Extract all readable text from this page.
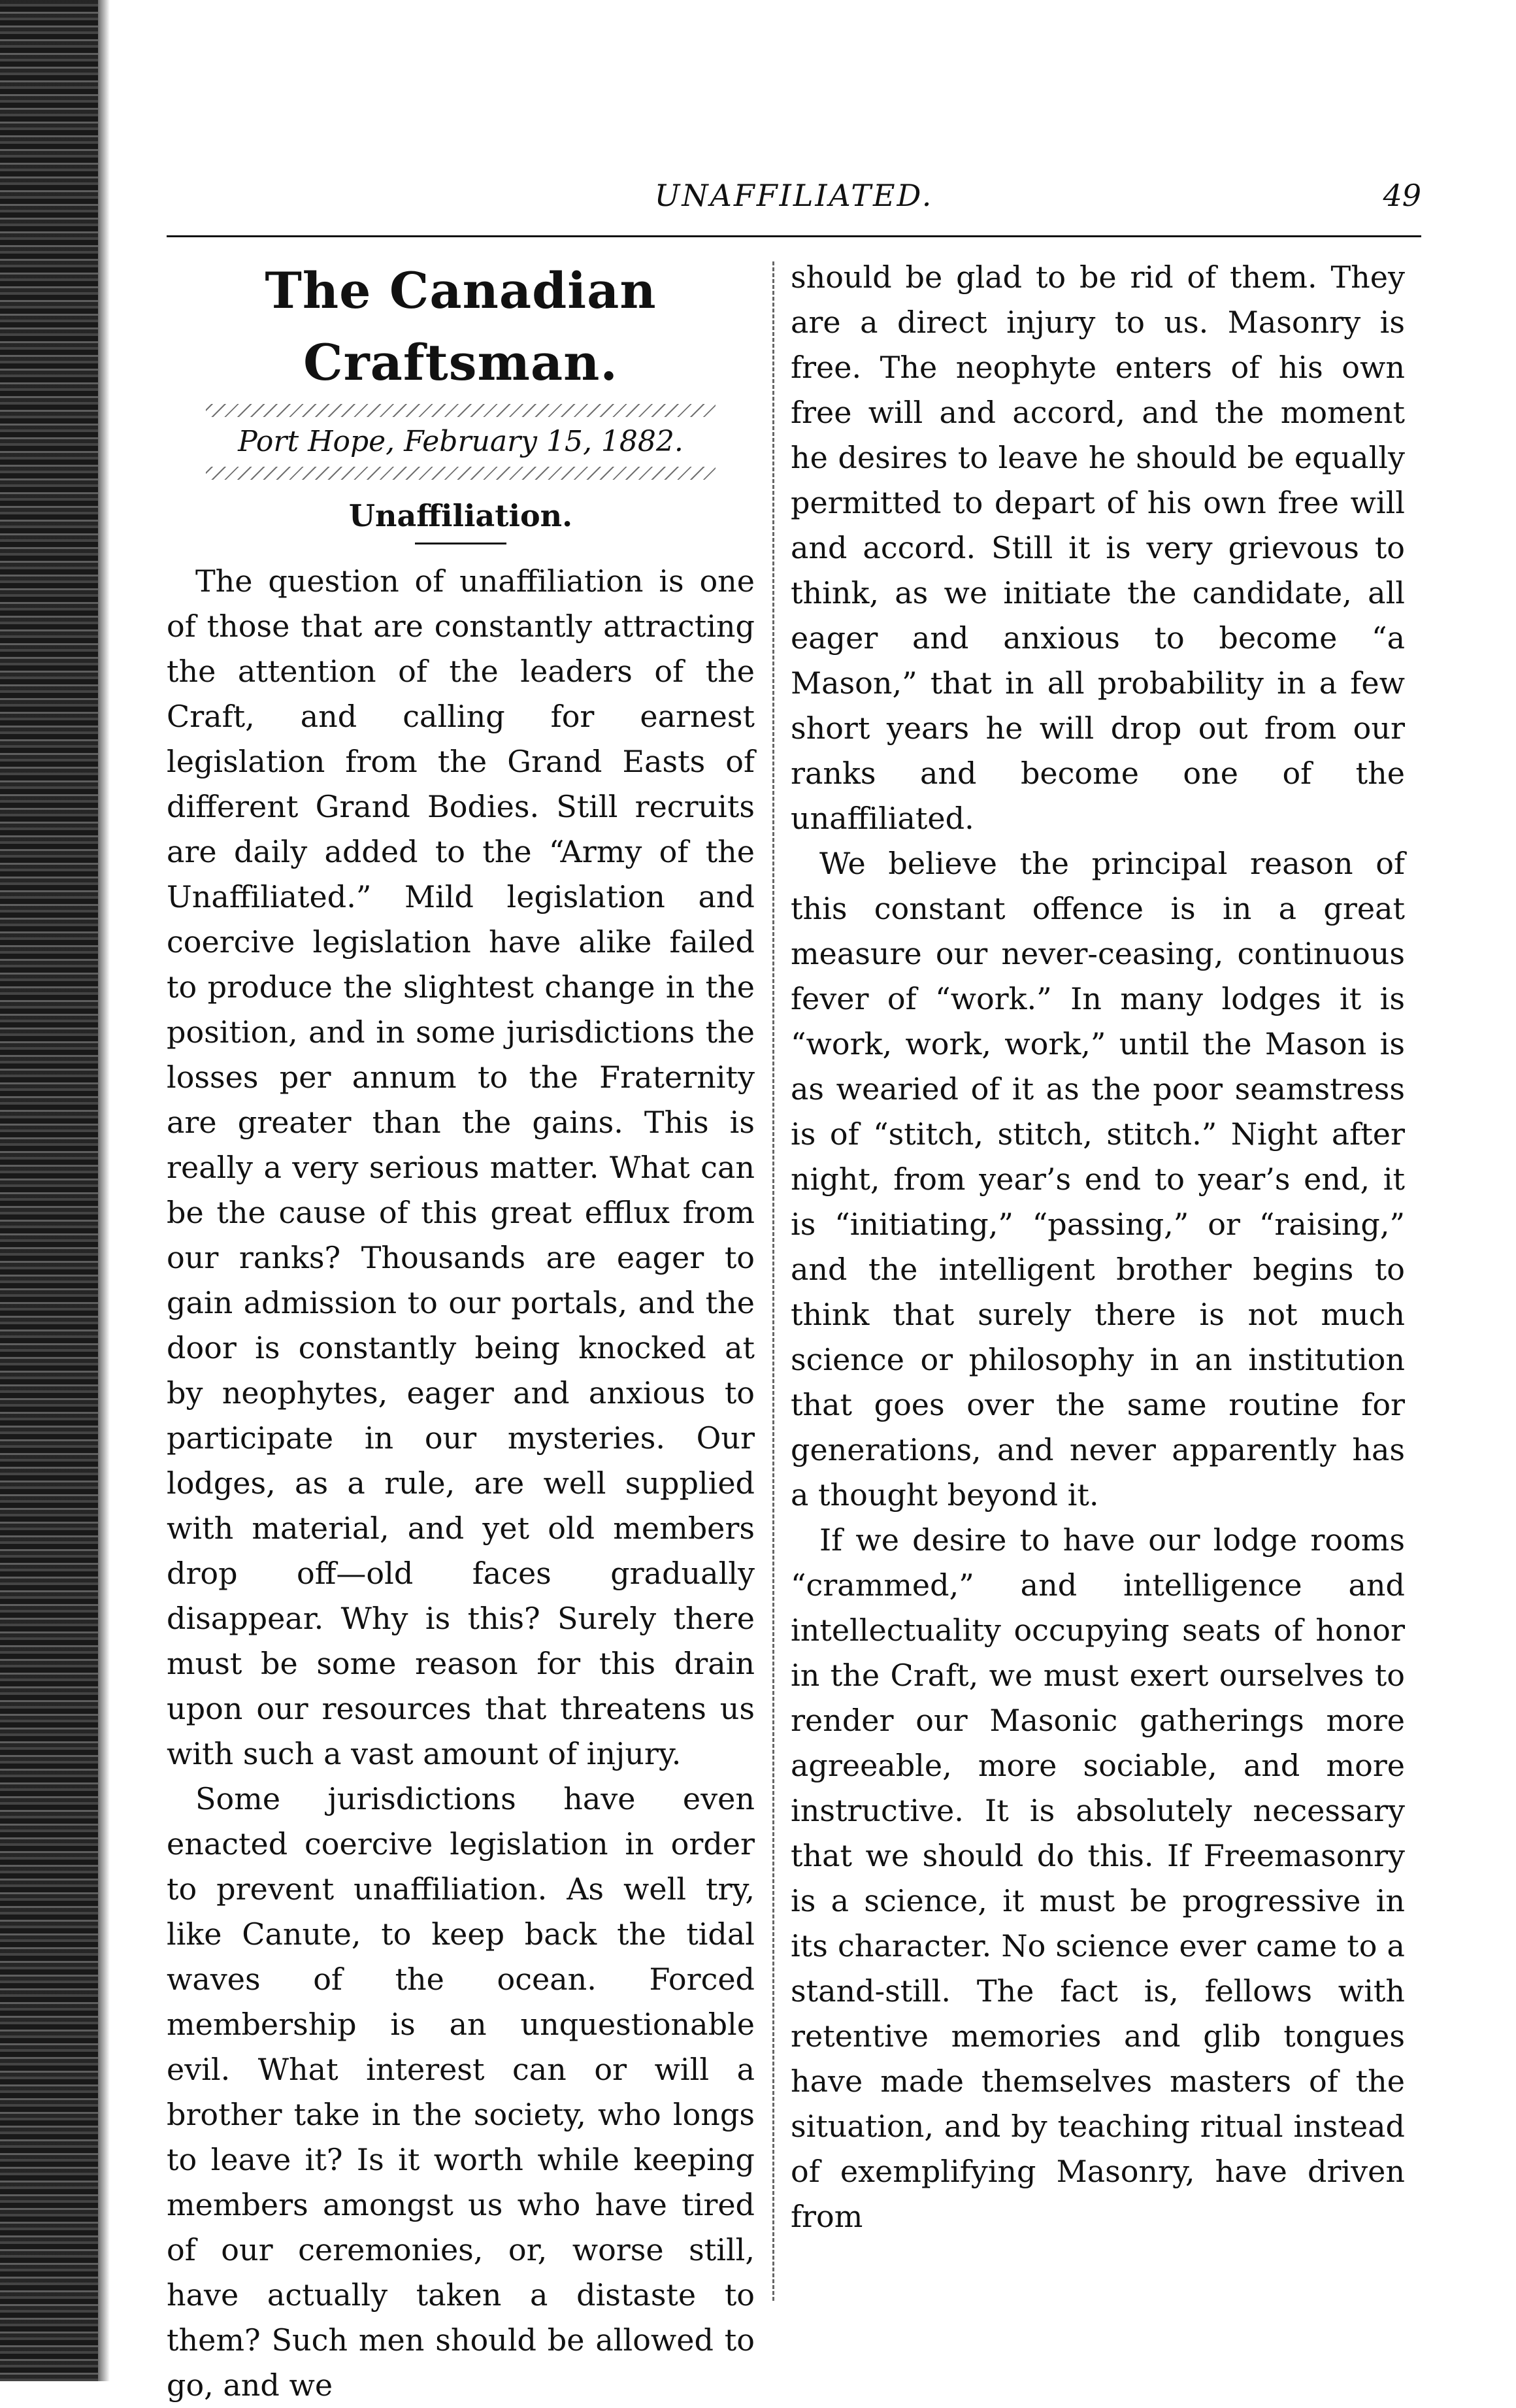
UNAFFILIATED.	49
The Canadian Craftsman.
Port Hope, February 15, 1882.
Unaffiliation.

The question of unaffiliation is one of those that are constantly attracting the attention of the leaders of the Craft, and calling for earnest legislation from the Grand Easts of different Grand Bodies. Still recruits are daily added to the “Army of the Unaffiliated.” Mild legislation and coercive legislation have alike failed to produce the slightest change in the position, and in some jurisdictions the losses per annum to the Fraternity are greater than the gains. This is really a very serious matter. What can be the cause of this great efflux from our ranks? Thousands are eager to gain admission to our portals, and the door is constantly being knocked at by neophytes, eager and anxious to participate in our mysteries. Our lodges, as a rule, are well supplied with material, and yet old members drop off—old faces gradually disappear. Why is this? Surely there must be some reason for this drain upon our resources that threatens us with such a vast amount of injury.

Some jurisdictions have even enacted coercive legislation in order to prevent unaffiliation. As well try, like Canute, to keep back the tidal waves of the ocean. Forced membership is an unquestionable evil. What interest can or will a brother take in the society, who longs to leave it? Is it worth while keeping members amongst us who have tired of our ceremonies, or, worse still, have actually taken a distaste to them? Such men should be allowed to go, and we

should be glad to be rid of them. They are a direct injury to us. Masonry is free. The neophyte enters of his own free will and accord, and the moment he desires to leave he should be equally permitted to depart of his own free will and accord. Still it is very grievous to think, as we initiate the candidate, all eager and anxious to become “a Mason,” that in all probability in a few short years he will drop out from our ranks and become one of the unaffiliated.

We believe the principal reason of this constant offence is in a great measure our never-ceasing, continuous fever of “work.” In many lodges it is “work, work, work,” until the Mason is as wearied of it as the poor seamstress is of “stitch, stitch, stitch.” Night after night, from year’s end to year’s end, it is “initiating,” “passing,” or “raising,” and the intelligent brother begins to think that surely there is not much science or philosophy in an institution that goes over the same routine for generations, and never apparently has a thought beyond it.

If we desire to have our lodge rooms “crammed,” and intelligence and intellectuality occupying seats of honor in the Craft, we must exert ourselves to render our Masonic gatherings more agreeable, more sociable, and more instructive. It is absolutely necessary that we should do this. If Freemasonry is a science, it must be progressive in its character. No science ever came to a stand-still. The fact is, fellows with retentive memories and glib tongues have made themselves masters of the situation, and by teaching ritual instead of exemplifying Masonry, have driven from
